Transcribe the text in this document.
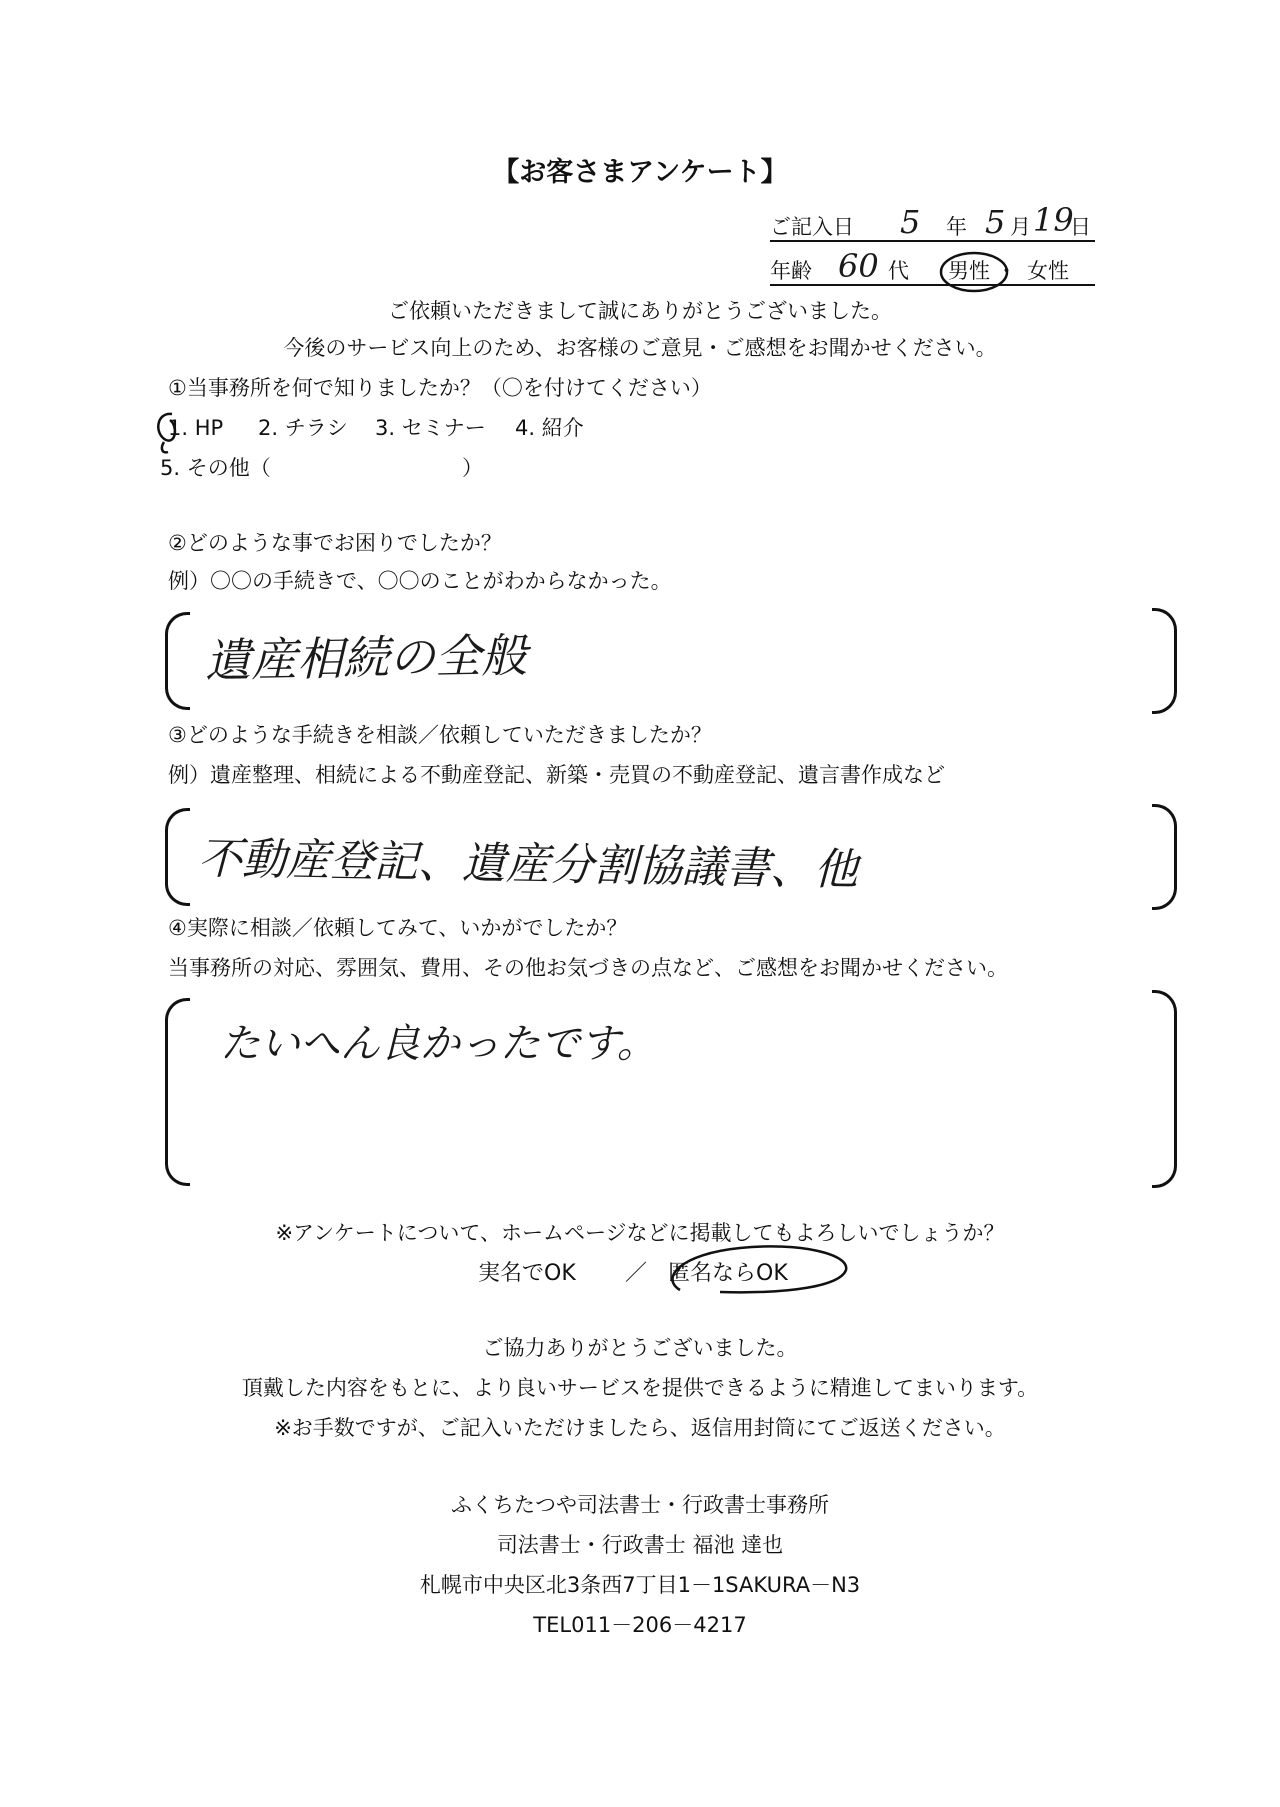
【お客さまアンケート】
ご記入日 5 年 5 月 19
日
年齢 60 代 男性 ・ 女性
ご依頼いただきまして誠にありがとうございました。
今後のサービス向上のため、お客様のご意見・ご感想をお聞かせください。
①当事務所を何で知りましたか？（〇を付けてください）
1. HP 2. チラシ 3. セミナー 4. 紹介
5. その他（	）
②どのような事でお困りでしたか？
例）〇〇の手続きで、〇〇のことがわからなかった。
遺産相続の全般
③どのような手続きを相談／依頼していただきましたか？
例）遺産整理、相続による不動産登記、新築・売買の不動産登記、遺言書作成など
不動産登記、遺産分割協議書、他
④実際に相談／依頼してみて、いかがでしたか？
当事務所の対応、雰囲気、費用、その他お気づきの点など、ご感想をお聞かせください。
たいへん良かったです。
※アンケートについて、ホームページなどに掲載してもよろしいでしょうか？
実名でOK ／ 匿名ならOK
ご協力ありがとうございました。
頂戴した内容をもとに、より良いサービスを提供できるように精進してまいります。
※お手数ですが、ご記入いただけましたら、返信用封筒にてご返送ください。
ふくちたつや司法書士・行政書士事務所
司法書士・行政書士 福池 達也
札幌市中央区北3条西7丁目1－1SAKURA－N3
TEL011－206－4217
